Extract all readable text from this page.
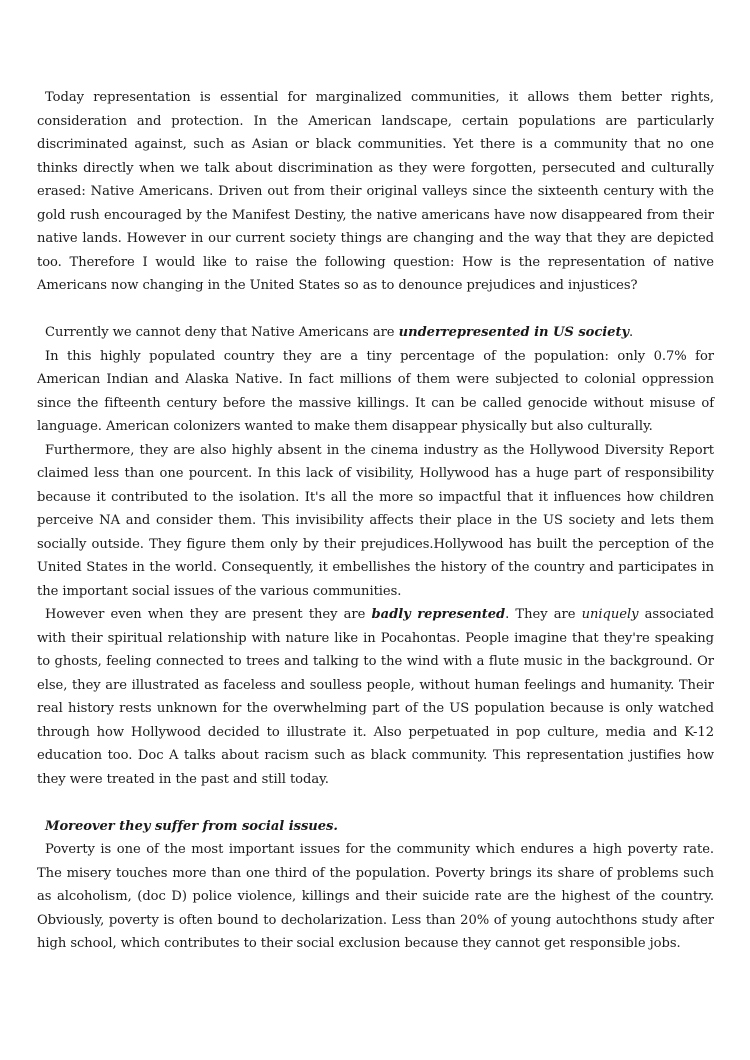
Today representation is essential for marginalized communities, it allows them better rights, consideration and protection. In the American landscape, certain populations are particularly discriminated against, such as Asian or black communities. Yet there is a community that no one thinks directly when we talk about discrimination as they were forgotten, persecuted and culturally erased: Native Americans. Driven out from their original valleys since the sixteenth century with the gold rush encouraged by the Manifest Destiny, the native americans have now disappeared from their native lands. However in our current society things are changing and the way that they are depicted too. Therefore I would like to raise the following question: How is the representation of native Americans now changing in the United States so as to denounce prejudices and injustices?

Currently we cannot deny that Native Americans are underrepresented in US society.

In this highly populated country they are a tiny percentage of the population: only 0.7% for American Indian and Alaska Native. In fact millions of them were subjected to colonial oppression since the fifteenth century before the massive killings. It can be called genocide without misuse of language. American colonizers wanted to make them disappear physically but also culturally.

Furthermore, they are also highly absent in the cinema industry as the Hollywood Diversity Report claimed less than one pourcent. In this lack of visibility, Hollywood has a huge part of responsibility because it contributed to the isolation. It's all the more so impactful that it influences how children perceive NA and consider them. This invisibility affects their place in the US society and lets them socially outside. They figure them only by their prejudices.Hollywood has built the perception of the United States in the world. Consequently, it embellishes the history of the country and participates in the important social issues of the various communities.

However even when they are present they are badly represented. They are uniquely associated with their spiritual relationship with nature like in Pocahontas. People imagine that they're speaking to ghosts, feeling connected to trees and talking to the wind with a flute music in the background. Or else, they are illustrated as faceless and soulless people, without human feelings and humanity. Their real history rests unknown for the overwhelming part of the US population because is only watched through how Hollywood decided to illustrate it. Also perpetuated in pop culture, media and K-12 education too. Doc A talks about racism such as black community. This representation justifies how they were treated in the past and still today.

Moreover they suffer from social issues.

Poverty is one of the most important issues for the community which endures a high poverty rate. The misery touches more than one third of the population. Poverty brings its share of problems such as alcoholism, (doc D) police violence, killings and their suicide rate are the highest of the country. Obviously, poverty is often bound to decholarization. Less than 20% of young autochthons study after high school, which contributes to their social exclusion because they cannot get responsible jobs.
